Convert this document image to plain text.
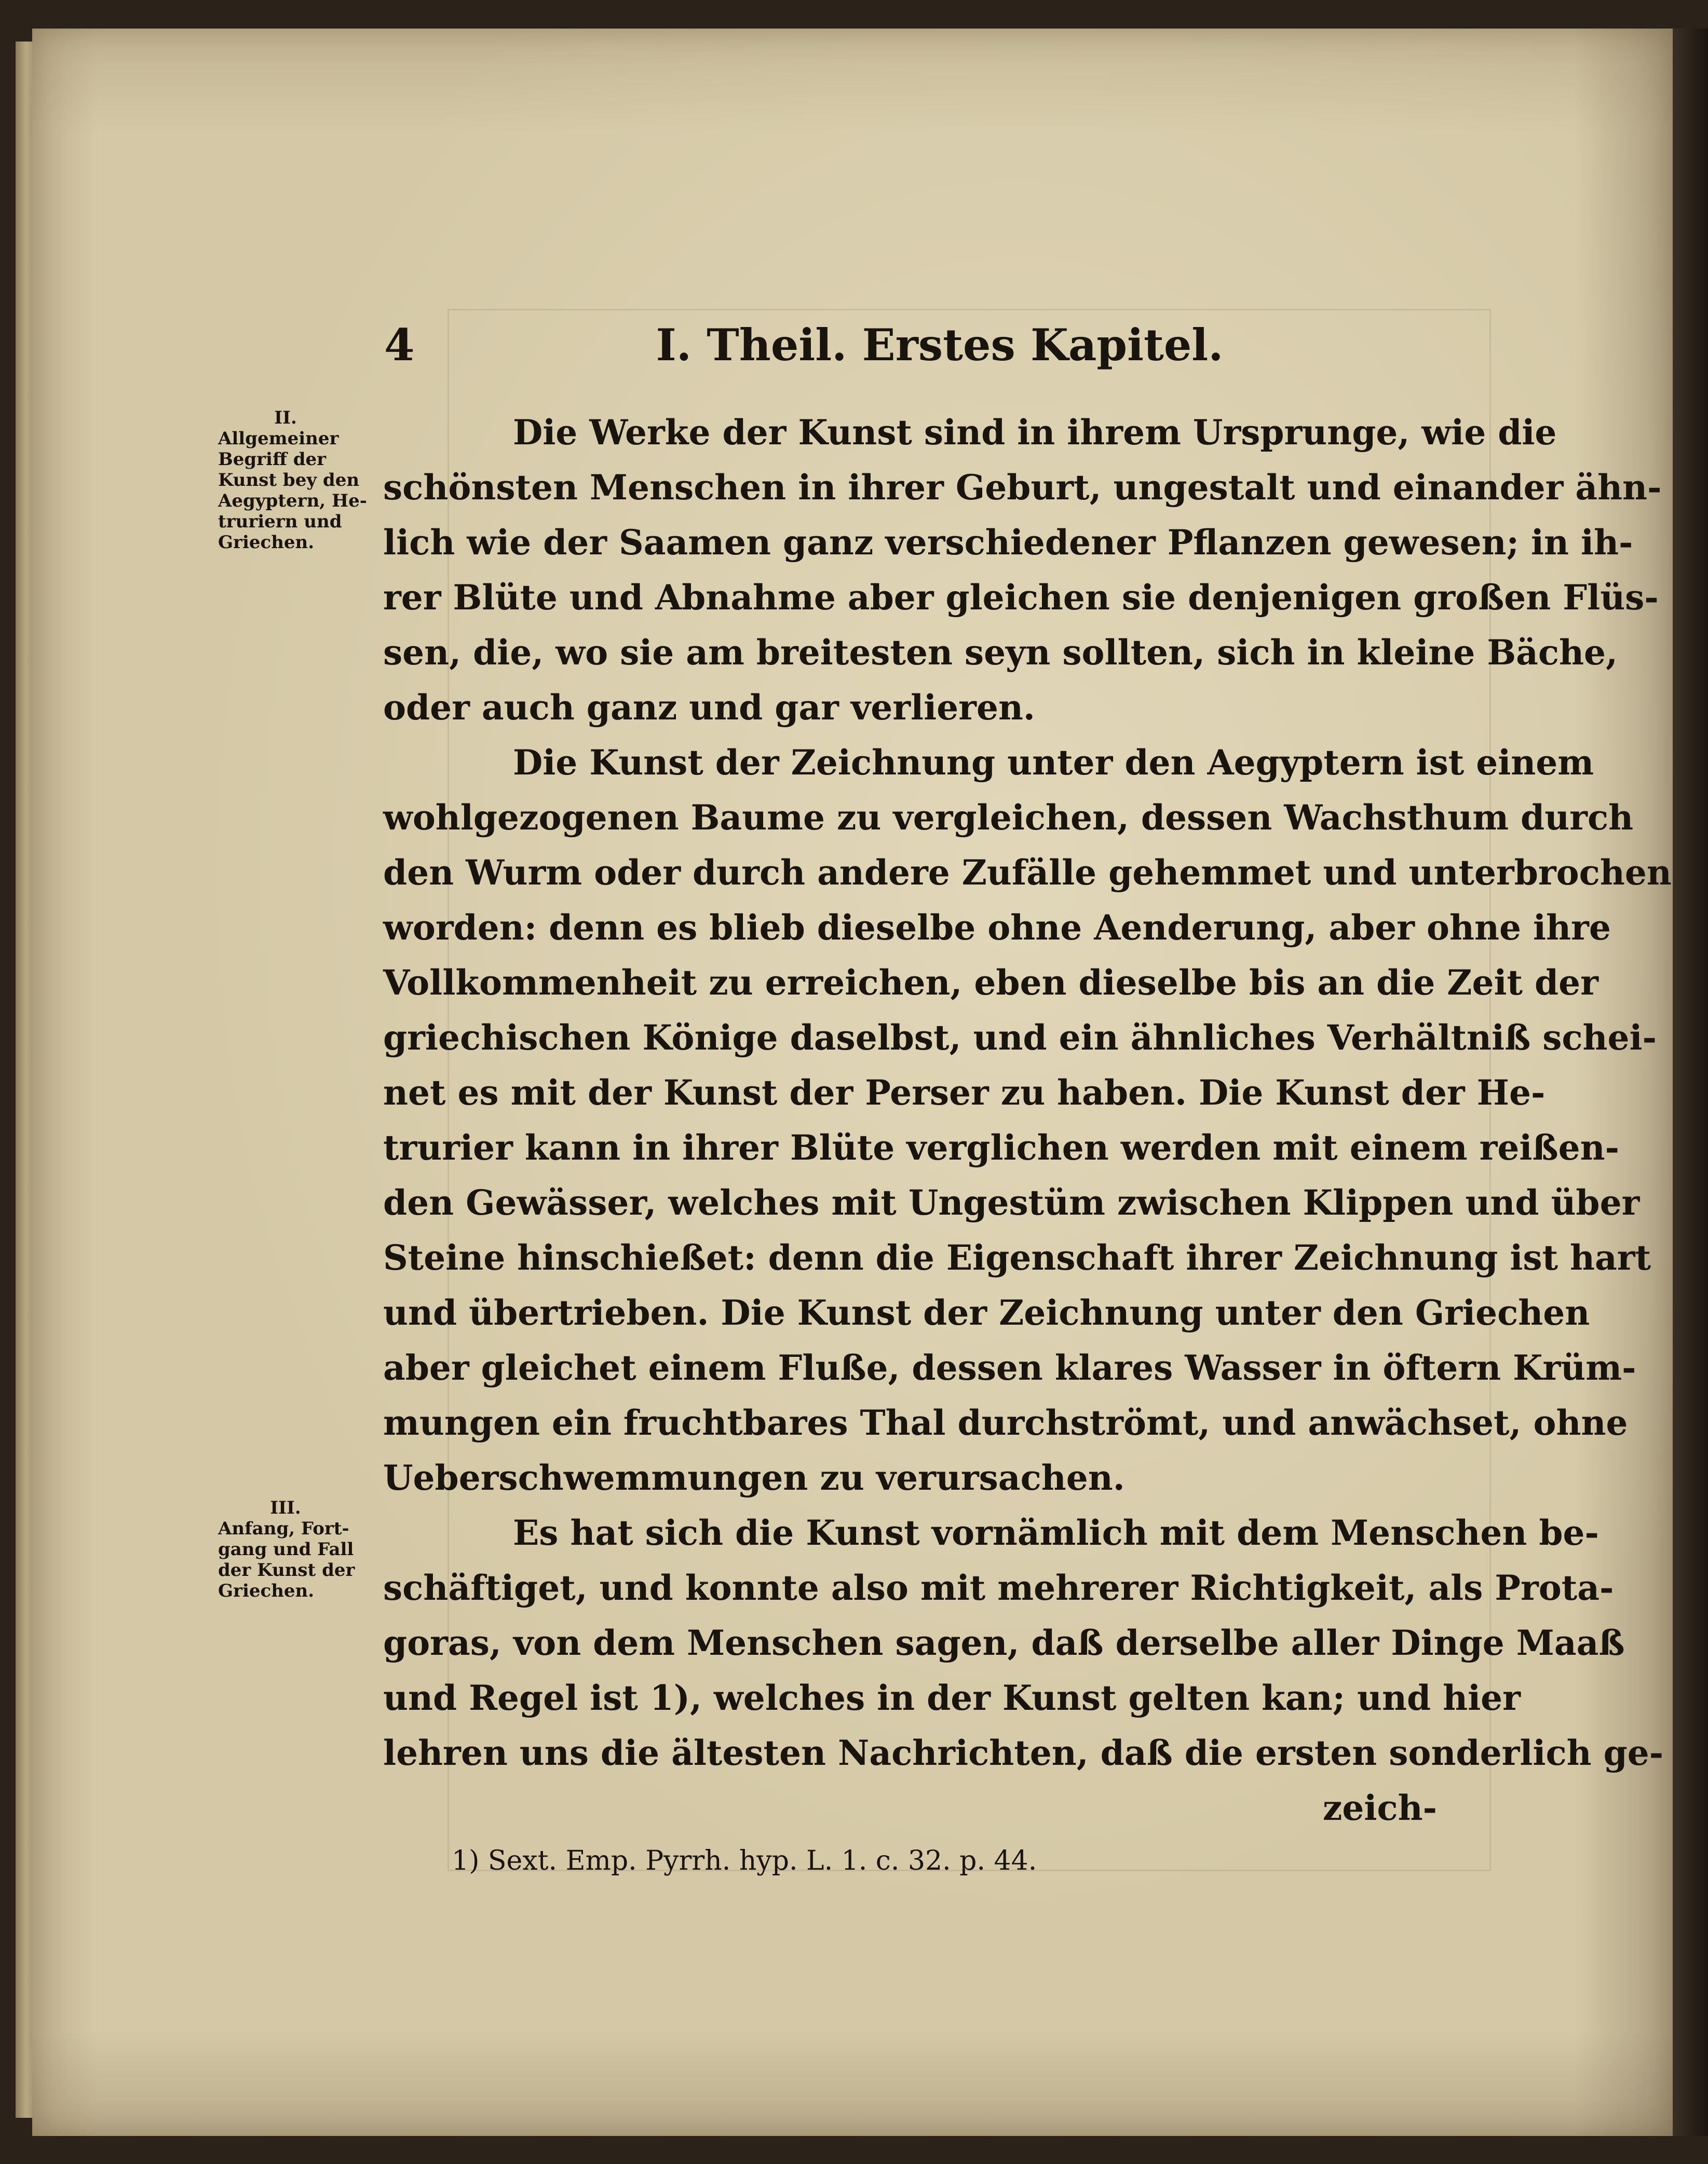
4	I. Theil. Erstes Kapitel.
II.
Allgemeiner
Begriff der
Kunst bey den
Aegyptern, He-
truriern und
Griechen.
III.
Anfang, Fort-
gang und Fall
der Kunst der
Griechen.
Die Werke der Kunst sind in ihrem Ursprunge, wie die
schönsten Menschen in ihrer Geburt, ungestalt und einander ähn-
lich wie der Saamen ganz verschiedener Pflanzen gewesen; in ih-
rer Blüte und Abnahme aber gleichen sie denjenigen großen Flüs-
sen, die, wo sie am breitesten seyn sollten, sich in kleine Bäche,
oder auch ganz und gar verlieren.
Die Kunst der Zeichnung unter den Aegyptern ist einem
wohlgezogenen Baume zu vergleichen, dessen Wachsthum durch
den Wurm oder durch andere Zufälle gehemmet und unterbrochen
worden: denn es blieb dieselbe ohne Aenderung, aber ohne ihre
Vollkommenheit zu erreichen, eben dieselbe bis an die Zeit der
griechischen Könige daselbst, und ein ähnliches Verhältniß schei-
net es mit der Kunst der Perser zu haben. Die Kunst der He-
trurier kann in ihrer Blüte verglichen werden mit einem reißen-
den Gewässer, welches mit Ungestüm zwischen Klippen und über
Steine hinschießet: denn die Eigenschaft ihrer Zeichnung ist hart
und übertrieben. Die Kunst der Zeichnung unter den Griechen
aber gleichet einem Fluße, dessen klares Wasser in öftern Krüm-
mungen ein fruchtbares Thal durchströmt, und anwächset, ohne
Ueberschwemmungen zu verursachen.
Es hat sich die Kunst vornämlich mit dem Menschen be-
schäftiget, und konnte also mit mehrerer Richtigkeit, als Prota-
goras, von dem Menschen sagen, daß derselbe aller Dinge Maaß
und Regel ist 1), welches in der Kunst gelten kan; und hier
lehren uns die ältesten Nachrichten, daß die ersten sonderlich ge-
zeich-
1) Sext. Emp. Pyrrh. hyp. L. 1. c. 32. p. 44.
